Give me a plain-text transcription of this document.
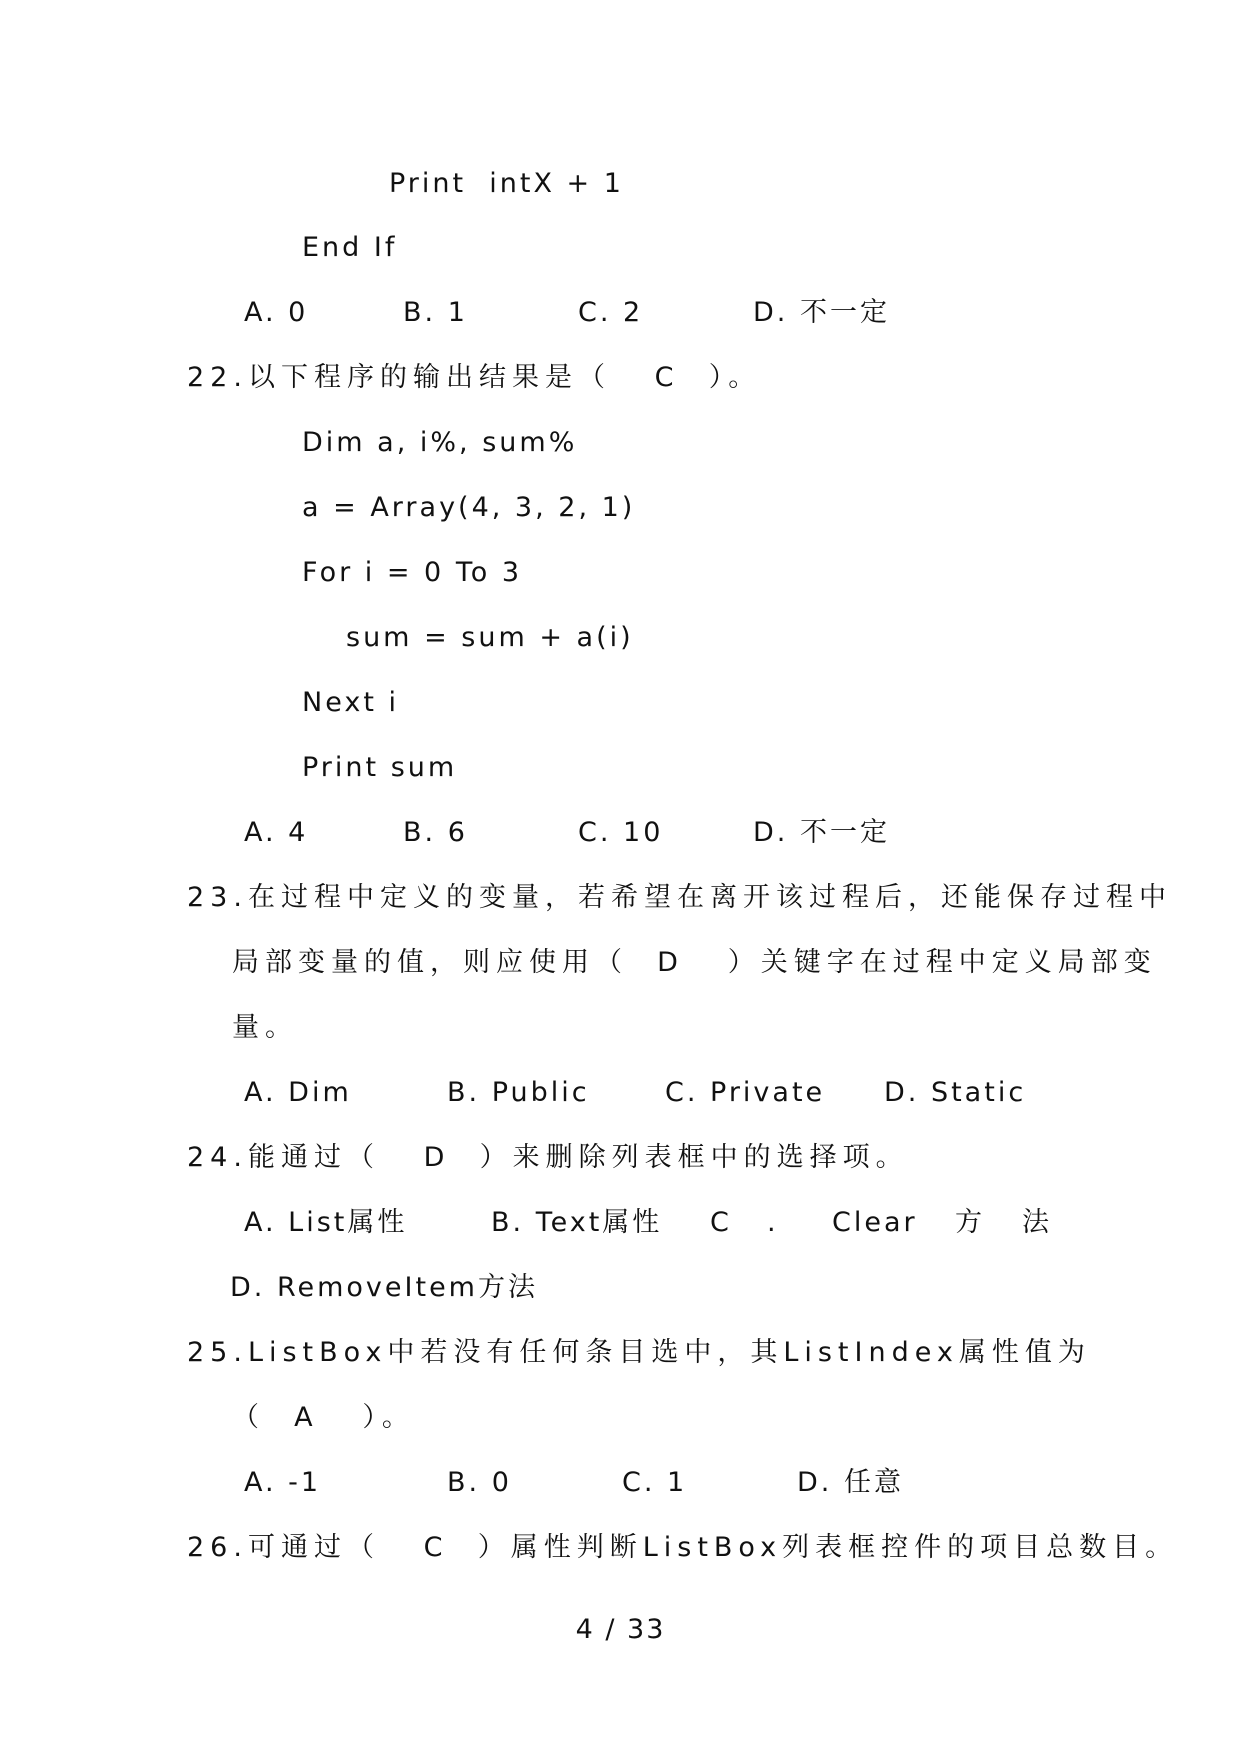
Print  intX + 1
End If
A. 0	B. 1	C. 2	D. 不一定
22.以下程序的输出结果是（   C  ）。
Dim a, i%, sum%
a = Array(4, 3, 2, 1)
For i = 0 To 3
sum = sum + a(i)
Next i
Print sum
A. 4	B. 6	C. 10	D. 不一定
23.在过程中定义的变量，若希望在离开该过程后，还能保存过程中
局部变量的值，则应使用（  D   ）关键字在过程中定义局部变
量。
A. Dim	B. Public	C. Private D. Static
24.能通过（   D  ）来删除列表框中的选择项。
A. List属性	B. Text属性 C . Clear 方 法
D. RemoveItem方法
25.ListBox中若没有任何条目选中，其ListIndex属性值为
（  A   ）。
A. -1	B. 0	C. 1	D. 任意
26.可通过（   C  ）属性判断ListBox列表框控件的项目总数目。
4 / 33
